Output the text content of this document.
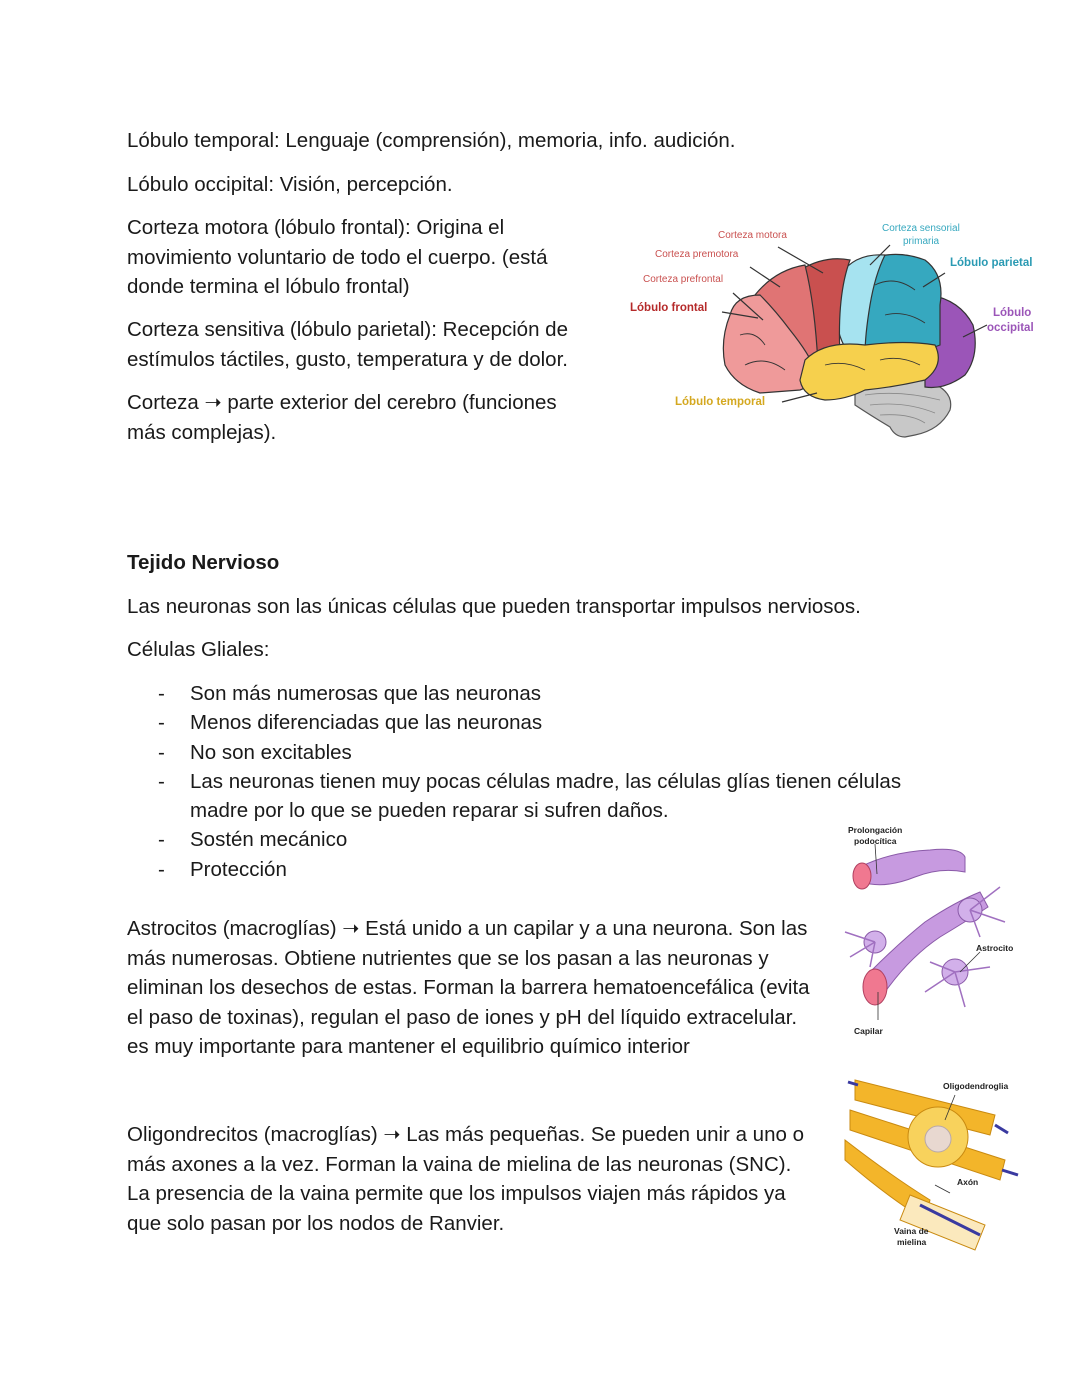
Lóbulo temporal: Lenguaje (comprensión), memoria, info. audición.

Lóbulo occipital: Visión, percepción.

Corteza motora (lóbulo frontal): Origina el movimiento voluntario de todo el cuerpo. (está donde termina el lóbulo frontal)

Corteza sensitiva (lóbulo parietal): Recepción de estímulos táctiles, gusto, temperatura y de dolor.

Corteza ➝ parte exterior del cerebro (funciones más complejas).

Corteza motora
Corteza premotora
Corteza prefrontal
Lóbulo frontal
Corteza sensorial
primaria
Lóbulo parietal
Lóbulo
occipital
Lóbulo temporal
Tejido Nervioso

Las neuronas son las únicas células que pueden transportar impulsos nerviosos.

Células Gliales:

- Son más numerosas que las neuronas
- Menos diferenciadas que las neuronas
- No son excitables
- Las neuronas tienen muy pocas células madre, las células glías tienen células madre por lo que se pueden reparar si sufren daños.
- Sostén mecánico
- Protección

Astrocitos (macroglías) ➝ Está unido a un capilar y a una neurona. Son las más numerosas. Obtiene nutrientes que se los pasan a las neuronas y eliminan los desechos de estas. Forman la barrera hematoencefálica (evita el paso de toxinas), regulan el paso de iones y pH del líquido extracelular. es muy importante para mantener el equilibrio químico interior

Oligondrecitos (macroglías) ➝ Las más pequeñas. Se pueden unir a uno o más axones a la vez. Forman la vaina de mielina de las neuronas (SNC). La presencia de la vaina permite que los impulsos viajen más rápidos ya que solo pasan por los nodos de Ranvier.

Prolongación
podocítica
Astrocito
Capilar
Oligodendroglia
Axón
Vaina de
mielina
